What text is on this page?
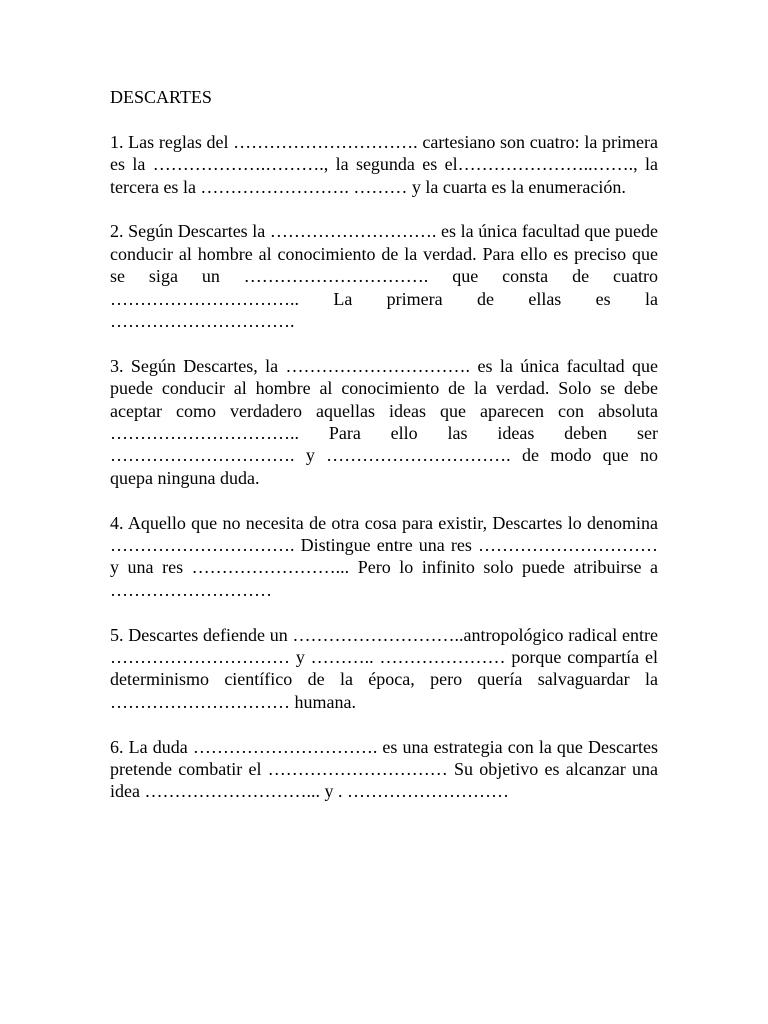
DESCARTES

1. Las reglas del …………………………. cartesiano son cuatro: la primera es la ……………….………., la segunda es el…………………..……., la tercera es la ……………………. ……… y la cuarta es la enumeración.

2. Según Descartes la ………………………. es la única facultad que puede conducir al hombre al conocimiento de la verdad. Para ello es preciso que se siga un …………………………. que consta de cuatro ………………………….. La primera de ellas es la ………………………….

3. Según Descartes, la …………………………. es la única facultad que puede conducir al hombre al conocimiento de la verdad. Solo se debe aceptar como verdadero aquellas ideas que aparecen con absoluta ………………………….. Para ello las ideas deben ser …………………………. y …………………………. de modo que no quepa ninguna duda.

4. Aquello que no necesita de otra cosa para existir, Descartes lo denomina …………………………. Distingue entre una res ………………………… y una res ……………………... Pero lo infinito solo puede atribuirse a ………………………

5. Descartes defiende un ………………………..antropológico radical entre ………………………… y ……….. ………………… porque compartía el determinismo científico de la época, pero quería salvaguardar la ………………………… humana.

6. La duda …………………………. es una estrategia con la que Descartes pretende combatir el ………………………… Su objetivo es alcanzar una idea ………………………... y . ………………………
